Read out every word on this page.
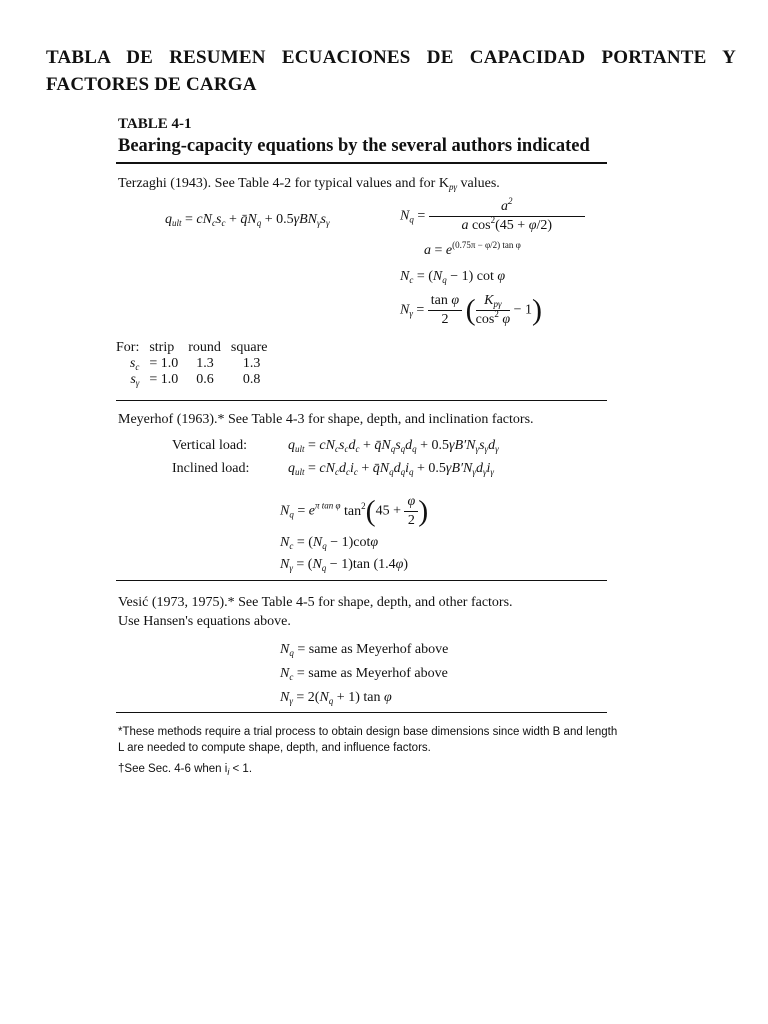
TABLA DE RESUMEN ECUACIONES DE CAPACIDAD PORTANTE Y FACTORES DE CARGA
TABLE 4-1
Bearing-capacity equations by the several authors indicated
Terzaghi (1943). See Table 4-2 for typical values and for $K_{p\gamma}$ values.
$q_{ult} = cN_cs_c$ + $q̄N_q + 0.5\gamma BN_\gamma s_\gamma$	$N_q = \frac{a^2}{a \cos^2(45 + \varphi/2)}$
$a = e^{(0.75\pi - \varphi/2) tan \varphi}$
$N_c = (N_q - 1)$ cot φ
$N_\gamma = \frac{\text{tan φ}}{2}$ ( $\frac{K_{p\gamma}}{\cos^2 \varphi} - 1$)
For:	strip	round	square
$s_c$	= 1.0	1.3	1.3
$s_\gamma$	= 1.0	0.6	0.8
Meyerhof (1963).* See Table 4-3 for shape, depth, and inclination factors.
Vertical load:	$q_{ult} = cN_cs_cd_c$ + $q̄N_qs_qd_q + 0.5\gamma B'N_\gamma s_\gamma d_\gamma$
Inclined load:	$q_{ult} = cN_cd_ci_c$ + $q̄N_qd_qi_q + 0.5\gamma B'N_\gamma d_\gamma i_\gamma$
$N_q = e^{\pi tan \varphi}$ $\tan^2(45 + \frac{\varphi}{2}$ )
$N_c = (N_q - 1)\cot\varphi$
$N_\gamma = (N_q - 1)\tan$ (1.4φ)
Vesić (1973, 1975).* See Table 4-5 for shape, depth, and other factors.
Use Hansen's equations above.
$N_q$ = same as Meyerhof above
$N_c$ = same as Meyerhof above
$N_\gamma = 2(N_q + 1)$ tan φ
*These methods require a trial process to obtain design base dimensions since width B and length L are needed to compute shape, depth, and influence factors.
†See Sec. 4-6 when $i_i < 1$.
